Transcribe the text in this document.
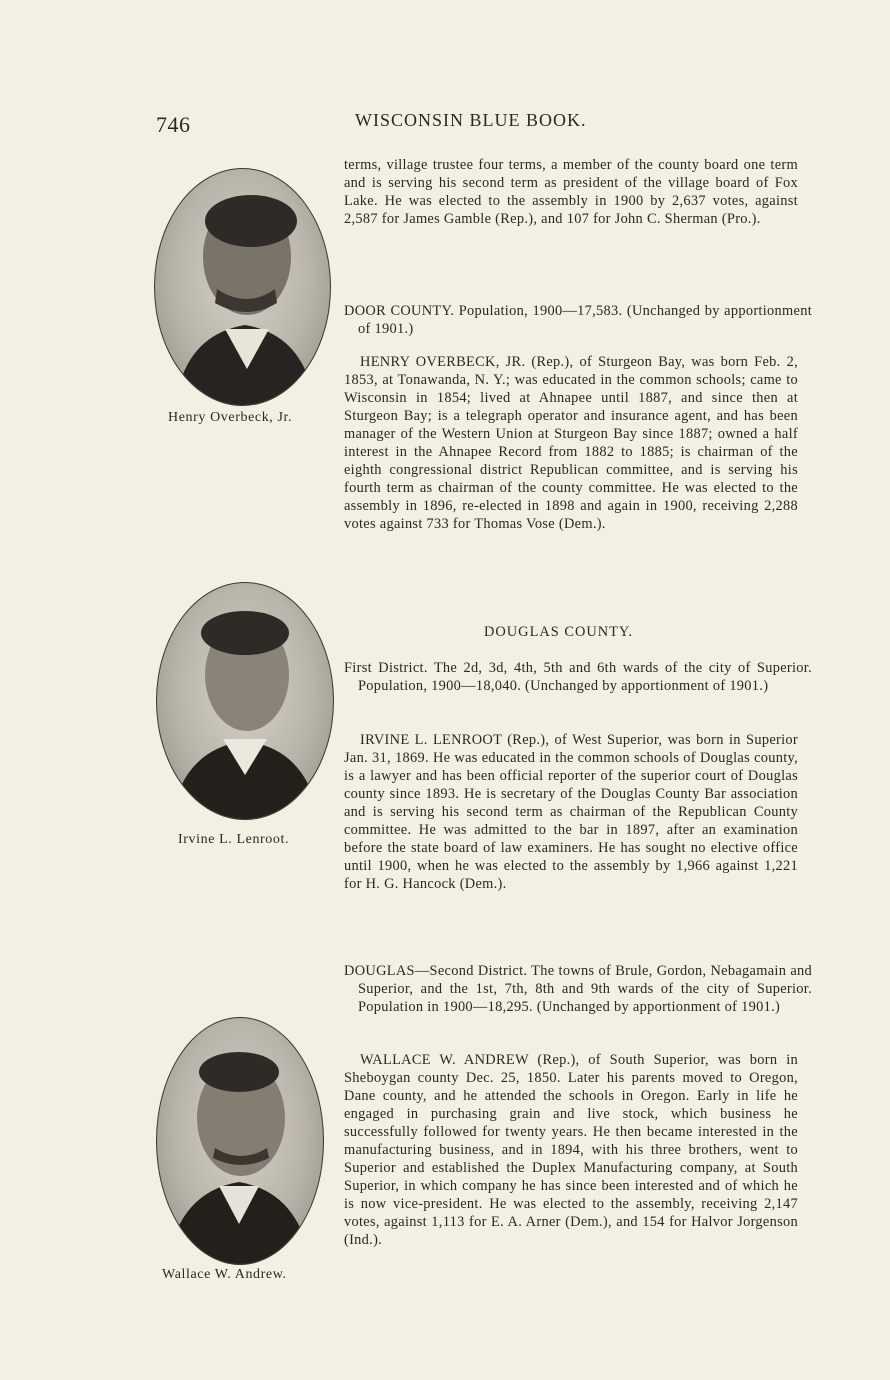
746	WISCONSIN BLUE BOOK.
Henry Overbeck, Jr.
Irvine L. Lenroot.
Wallace W. Andrew.

terms, village trustee four terms, a member of the county board one term and is serving his second term as president of the village board of Fox Lake. He was elected to the assembly in 1900 by 2,637 votes, against 2,587 for James Gamble (Rep.), and 107 for John C. Sherman (Pro.).

DOOR COUNTY. Population, 1900—17,583. (Unchanged by apportionment of 1901.)

HENRY OVERBECK, JR. (Rep.), of Sturgeon Bay, was born Feb. 2, 1853, at Tonawanda, N. Y.; was educated in the common schools; came to Wisconsin in 1854; lived at Ahnapee until 1887, and since then at Sturgeon Bay; is a telegraph operator and insurance agent, and has been manager of the Western Union at Sturgeon Bay since 1887; owned a half interest in the Ahnapee Record from 1882 to 1885; is chairman of the eighth congressional district Republican committee, and is serving his fourth term as chairman of the county committee. He was elected to the assembly in 1896, re-elected in 1898 and again in 1900, receiving 2,288 votes against 733 for Thomas Vose (Dem.).

DOUGLAS COUNTY.

First District. The 2d, 3d, 4th, 5th and 6th wards of the city of Superior. Population, 1900—18,040. (Unchanged by apportionment of 1901.)

IRVINE L. LENROOT (Rep.), of West Superior, was born in Superior Jan. 31, 1869. He was educated in the common schools of Douglas county, is a lawyer and has been official reporter of the superior court of Douglas county since 1893. He is secretary of the Douglas County Bar association and is serving his second term as chairman of the Republican County committee. He was admitted to the bar in 1897, after an examination before the state board of law examiners. He has sought no elective office until 1900, when he was elected to the assembly by 1,966 against 1,221 for H. G. Hancock (Dem.).

DOUGLAS—Second District. The towns of Brule, Gordon, Nebagamain and Superior, and the 1st, 7th, 8th and 9th wards of the city of Superior. Population in 1900—18,295. (Unchanged by apportionment of 1901.)

WALLACE W. ANDREW (Rep.), of South Superior, was born in Sheboygan county Dec. 25, 1850. Later his parents moved to Oregon, Dane county, and he attended the schools in Oregon. Early in life he engaged in purchasing grain and live stock, which business he successfully followed for twenty years. He then became interested in the manufacturing business, and in 1894, with his three brothers, went to Superior and established the Duplex Manufacturing company, at South Superior, in which company he has since been interested and of which he is now vice-president. He was elected to the assembly, receiving 2,147 votes, against 1,113 for E. A. Arner (Dem.), and 154 for Halvor Jorgenson (Ind.).
